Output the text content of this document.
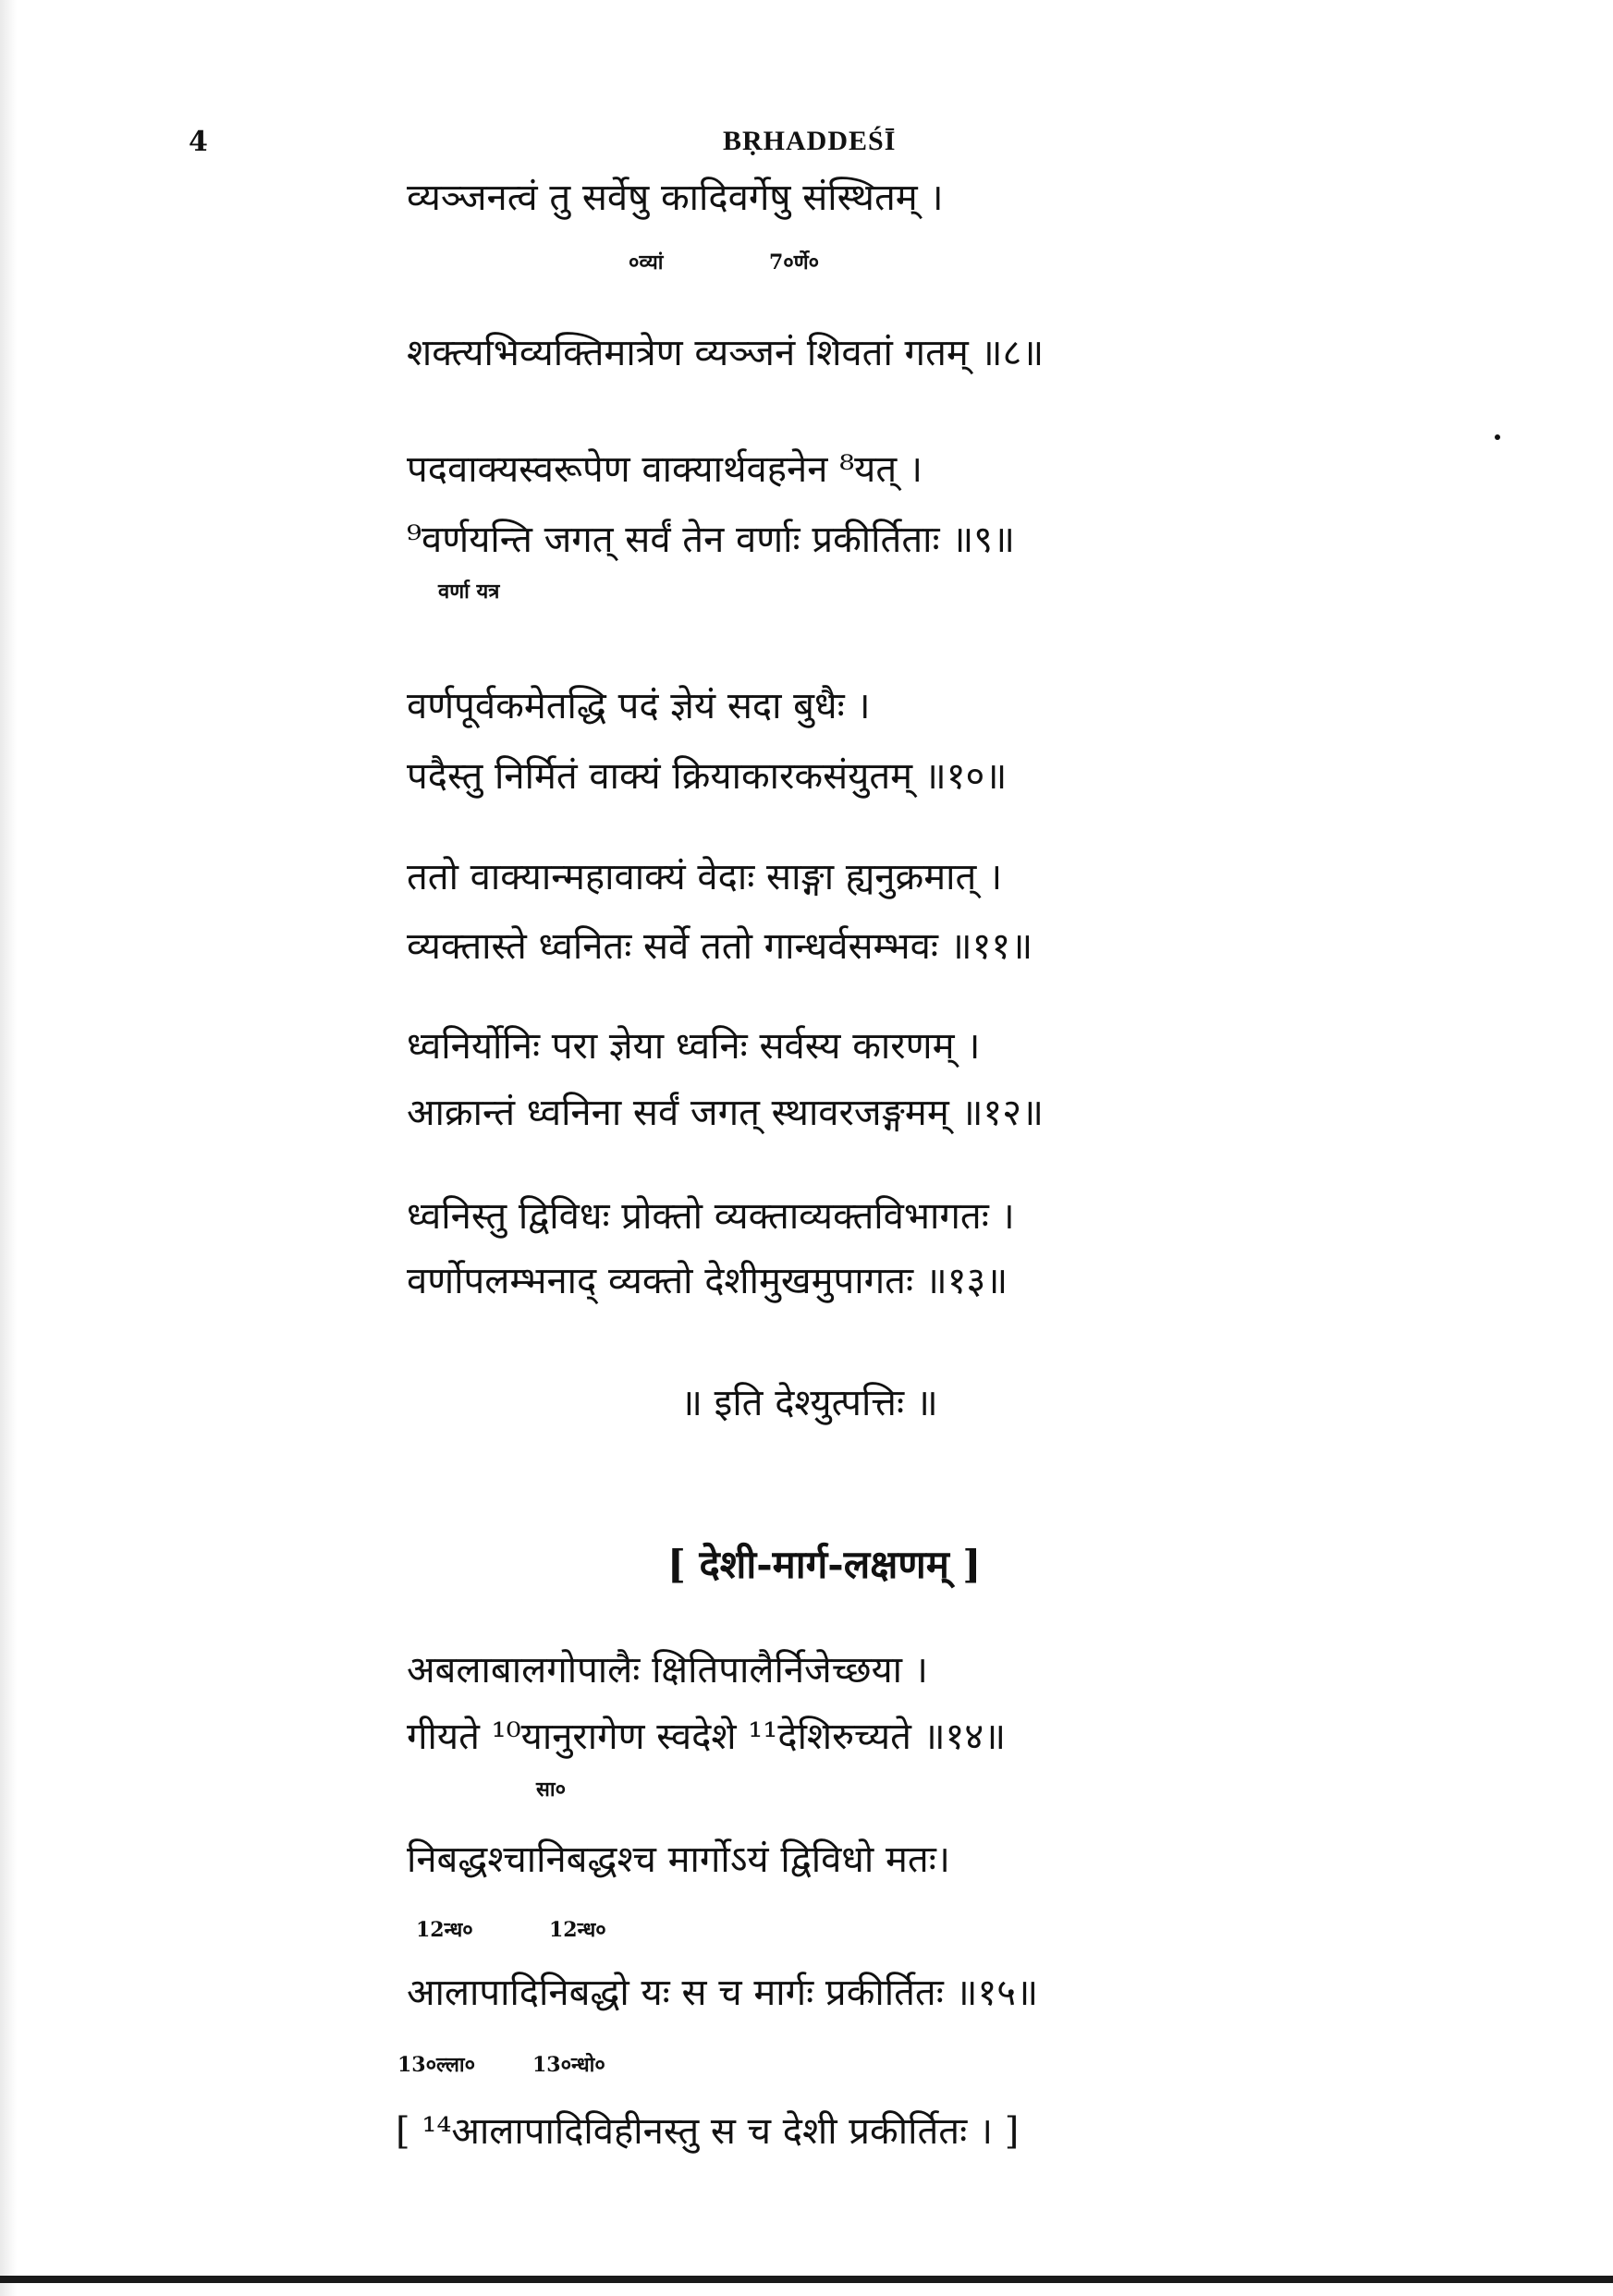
4	BṚHADDEŚĪ
व्यञ्जनत्वं तु सर्वेषु कादिवर्गेषु संस्थितम् ।
०व्यां	7०र्णे०
शक्त्यभिव्यक्तिमात्रेण व्यञ्जनं शिवतां गतम् ॥८॥
पदवाक्यस्वरूपेण वाक्यार्थवहनेन ⁸यत् ।
⁹वर्णयन्ति जगत् सर्वं तेन वर्णाः प्रकीर्तिताः ॥९॥
वर्णा यत्र
वर्णपूर्वकमेतद्धि पदं ज्ञेयं सदा बुधैः ।
पदैस्तु निर्मितं वाक्यं क्रियाकारकसंयुतम् ॥१०॥
ततो वाक्यान्महावाक्यं वेदाः साङ्गा ह्यनुक्रमात् ।
व्यक्तास्ते ध्वनितः सर्वे ततो गान्धर्वसम्भवः ॥११॥
ध्वनिर्योनिः परा ज्ञेया ध्वनिः सर्वस्य कारणम् ।
आक्रान्तं ध्वनिना सर्वं जगत् स्थावरजङ्गमम् ॥१२॥
ध्वनिस्तु द्विविधः प्रोक्तो व्यक्ताव्यक्तविभागतः ।
वर्णोपलम्भनाद् व्यक्तो देशीमुखमुपागतः ॥१३॥
॥ इति देश्युत्पत्तिः ॥
[ देशी-मार्ग-लक्षणम् ]
अबलाबालगोपालैः क्षितिपालैर्निजेच्छया ।
गीयते ¹⁰यानुरागेण स्वदेशे ¹¹देशिरुच्यते ॥१४॥
सा०
निबद्धश्चानिबद्धश्च मार्गोऽयं द्विविधो मतः।
12न्ध०	12न्ध०
आलापादिनिबद्धो यः स च मार्गः प्रकीर्तितः ॥१५॥
13०ल्ला०	13०न्धो०
[ ¹⁴आलापादिविहीनस्तु स च देशी प्रकीर्तितः । ]
